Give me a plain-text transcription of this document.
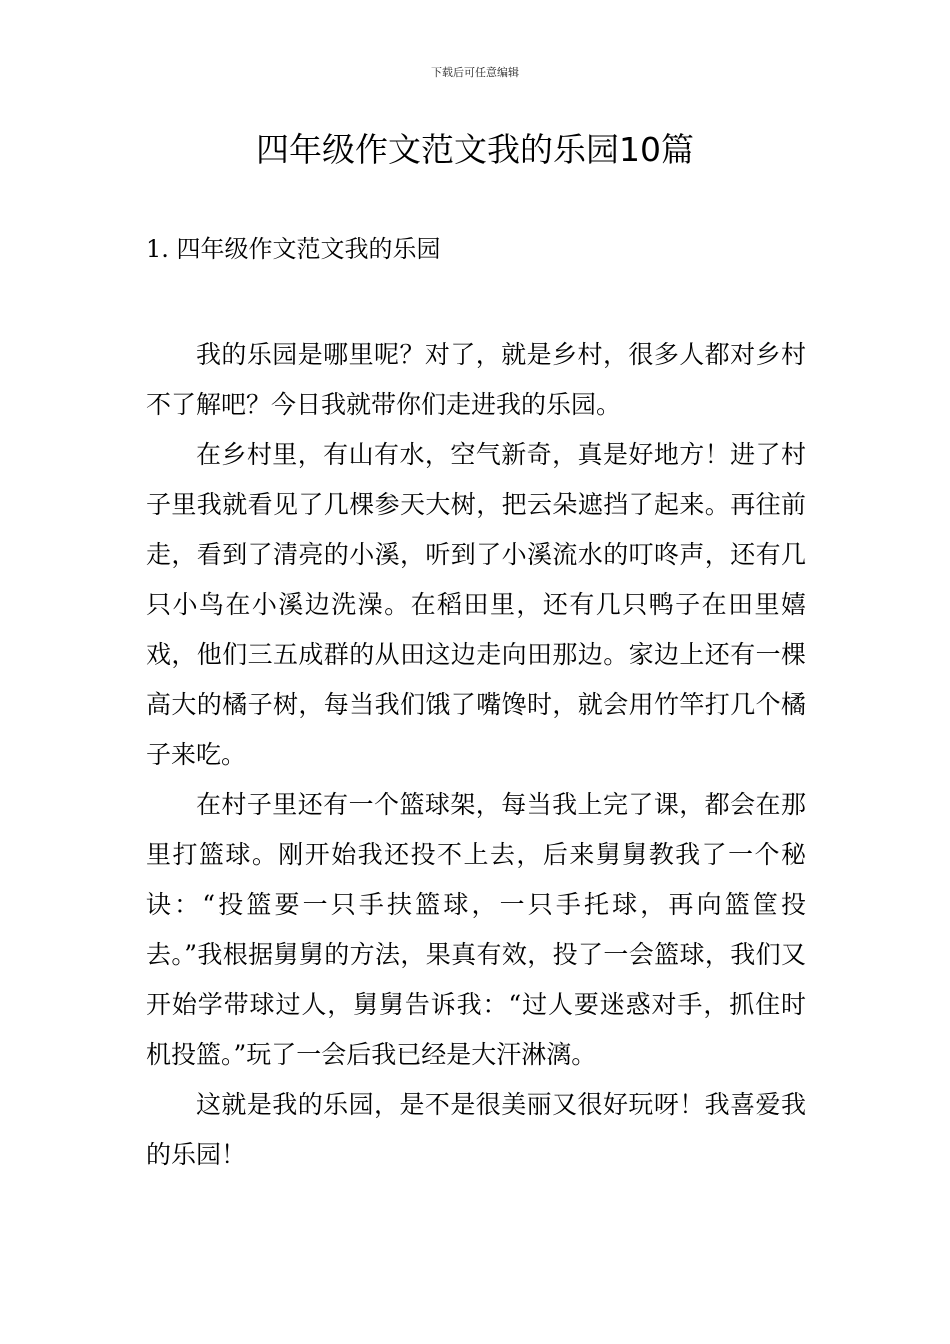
下载后可任意编辑
四年级作文范文我的乐园10篇
1. 四年级作文范文我的乐园

我的乐园是哪里呢？对了，就是乡村，很多人都对乡村不了解吧？今日我就带你们走进我的乐园。

在乡村里，有山有水，空气新奇，真是好地方！进了村子里我就看见了几棵参天大树，把云朵遮挡了起来。再往前走，看到了清亮的小溪，听到了小溪流水的叮咚声，还有几只小鸟在小溪边洗澡。在稻田里，还有几只鸭子在田里嬉戏，他们三五成群的从田这边走向田那边。家边上还有一棵高大的橘子树，每当我们饿了嘴馋时，就会用竹竿打几个橘子来吃。

在村子里还有一个篮球架，每当我上完了课，都会在那里打篮球。刚开始我还投不上去，后来舅舅教我了一个秘诀：“投篮要一只手扶篮球，一只手托球，再向篮筐投去。”我根据舅舅的方法，果真有效，投了一会篮球，我们又开始学带球过人，舅舅告诉我：“过人要迷惑对手，抓住时机投篮。”玩了一会后我已经是大汗淋漓。

这就是我的乐园，是不是很美丽又很好玩呀！我喜爱我的乐园！
